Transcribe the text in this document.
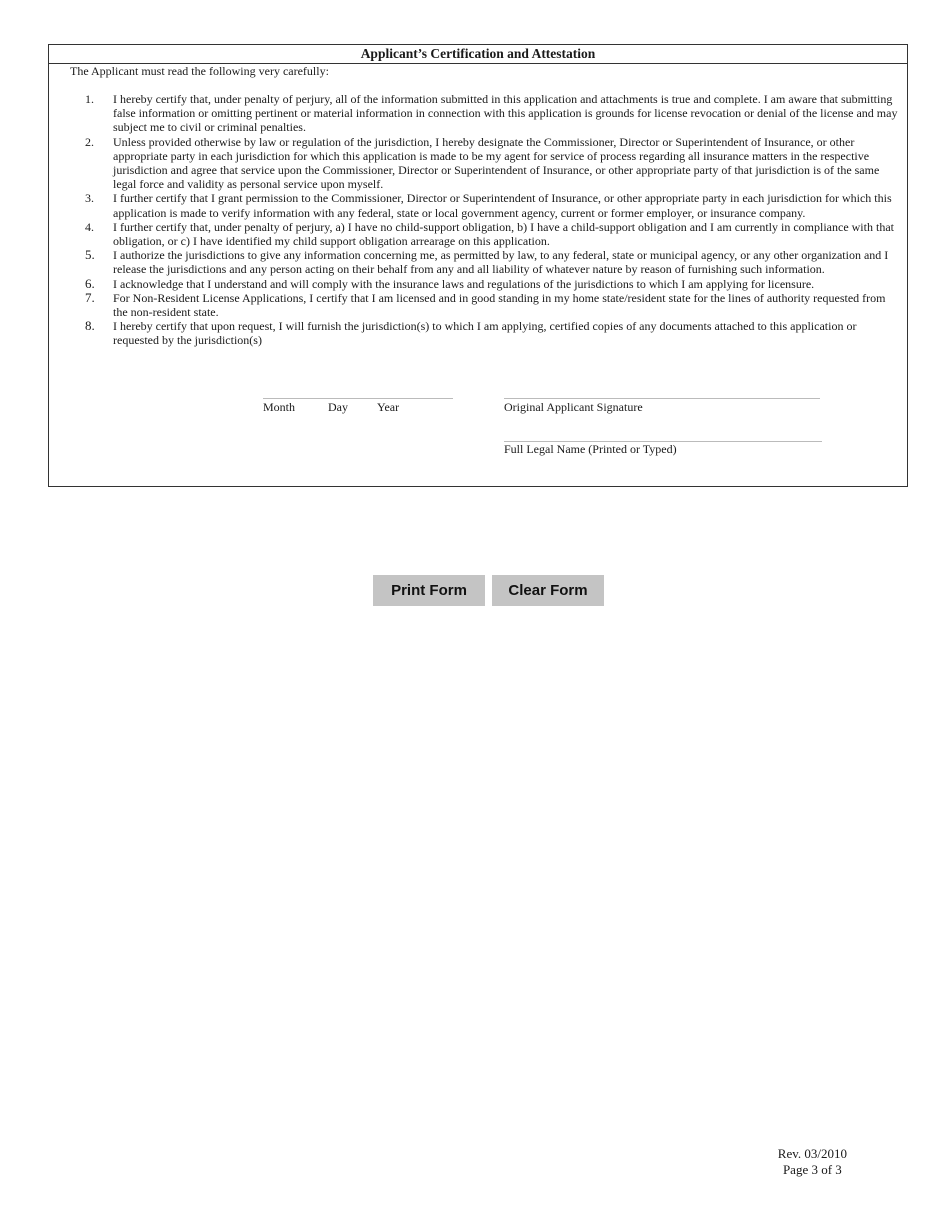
Applicant’s Certification and Attestation
The Applicant must read the following very carefully:
1.	I hereby certify that, under penalty of perjury, all of the information submitted in this application and attachments is true and complete. I am aware that submitting false information or omitting pertinent or material information in connection with this application is grounds for license revocation or denial of the license and may subject me to civil or criminal penalties.
2.	Unless provided otherwise by law or regulation of the jurisdiction, I hereby designate the Commissioner, Director or Superintendent of Insurance, or other appropriate party in each jurisdiction for which this application is made to be my agent for service of process regarding all insurance matters in the respective jurisdiction and agree that service upon the Commissioner, Director or Superintendent of Insurance, or other appropriate party of that jurisdiction is of the same legal force and validity as personal service upon myself.
3.	I further certify that I grant permission to the Commissioner, Director or Superintendent of Insurance, or other appropriate party in each jurisdiction for which this application is made to verify information with any federal, state or local government agency, current or former employer, or insurance company.
4.	I further certify that, under penalty of perjury, a) I have no child-support obligation, b) I have a child-support obligation and I am currently in compliance with that obligation, or c) I have identified my child support obligation arrearage on this application.
5.	I authorize the jurisdictions to give any information concerning me, as permitted by law, to any federal, state or municipal agency, or any other organization and I release the jurisdictions and any person acting on their behalf from any and all liability of whatever nature by reason of furnishing such information.
6.	I acknowledge that I understand and will comply with the insurance laws and regulations of the jurisdictions to which I am applying for licensure.
7.	For Non-Resident License Applications, I certify that I am licensed and in good standing in my home state/resident state for the lines of authority requested from the non-resident state.
8.	I hereby certify that upon request, I will furnish the jurisdiction(s) to which I am applying, certified copies of any documents attached to this application or requested by the jurisdiction(s)
Month	Day Year	Original Applicant Signature
Full Legal Name (Printed or Typed)
Print Form	Clear Form
Rev. 03/2010
Page 3 of 3
